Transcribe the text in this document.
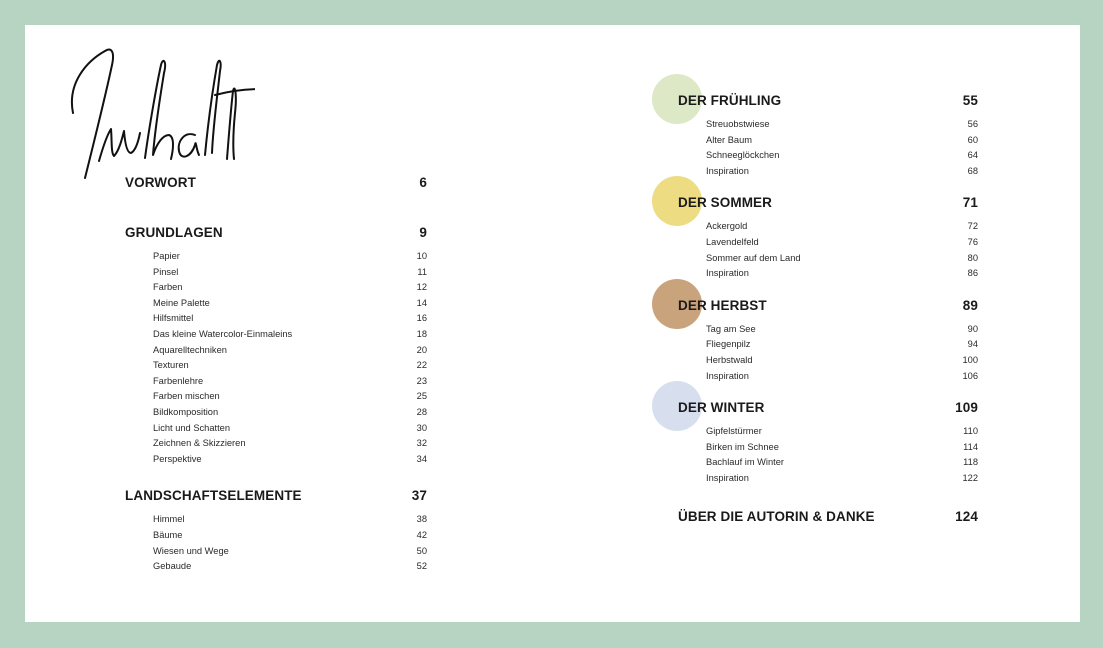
VORWORT	6
GRUNDLAGEN	9
Papier	10
Pinsel	11
Farben	12
Meine Palette	14
Hilfsmittel	16
Das kleine Watercolor-Einmaleins	18
Aquarelltechniken	20
Texturen	22
Farbenlehre	23
Farben mischen	25
Bildkomposition	28
Licht und Schatten	30
Zeichnen & Skizzieren	32
Perspektive	34
LANDSCHAFTSELEMENTE	37
Himmel	38
Bäume	42
Wiesen und Wege	50
Gebaude	52
DER FRÜHLING	55
Streuobstwiese	56
Alter Baum	60
Schneeglöckchen	64
Inspiration	68
DER SOMMER	71
Ackergold	72
Lavendelfeld	76
Sommer auf dem Land	80
Inspiration	86
DER HERBST	89
Tag am See	90
Fliegenpilz	94
Herbstwald	100
Inspiration	106
DER WINTER	109
Gipfelstürmer	110
Birken im Schnee	114
Bachlauf im Winter	118
Inspiration	122
ÜBER DIE AUTORIN & DANKE	124
